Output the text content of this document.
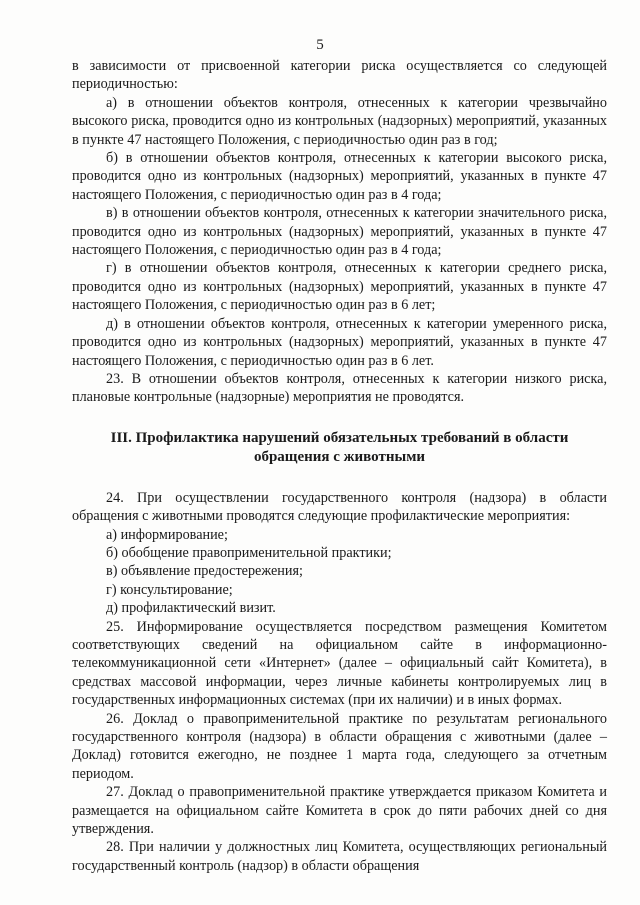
5

в зависимости от присвоенной категории риска осуществляется со следующей периодичностью:

а) в отношении объектов контроля, отнесенных к категории чрезвычайно высокого риска, проводится одно из контрольных (надзорных) мероприятий, указанных в пункте 47 настоящего Положения, с периодичностью один раз в год;

б) в отношении объектов контроля, отнесенных к категории высокого риска, проводится одно из контрольных (надзорных) мероприятий, указанных в пункте 47 настоящего Положения, с периодичностью один раз в 4 года;

в) в отношении объектов контроля, отнесенных к категории значительного риска, проводится одно из контрольных (надзорных) мероприятий, указанных в пункте 47 настоящего Положения, с периодичностью один раз в 4 года;

г) в отношении объектов контроля, отнесенных к категории среднего риска, проводится одно из контрольных (надзорных) мероприятий, указанных в пункте 47 настоящего Положения, с периодичностью один раз в 6 лет;

д) в отношении объектов контроля, отнесенных к категории умеренного риска, проводится одно из контрольных (надзорных) мероприятий, указанных в пункте 47 настоящего Положения, с периодичностью один раз в 6 лет.

23. В отношении объектов контроля, отнесенных к категории низкого риска, плановые контрольные (надзорные) мероприятия не проводятся.

III. Профилактика нарушений обязательных требований в области обращения с животными

24. При осуществлении государственного контроля (надзора) в области обращения с животными проводятся следующие профилактические мероприятия:

а) информирование;

б) обобщение правоприменительной практики;

в) объявление предостережения;

г) консультирование;

д) профилактический визит.

25. Информирование осуществляется посредством размещения Комитетом соответствующих сведений на официальном сайте в информационно-телекоммуникационной сети «Интернет» (далее – официальный сайт Комитета), в средствах массовой информации, через личные кабинеты контролируемых лиц в государственных информационных системах (при их наличии) и в иных формах.

26. Доклад о правоприменительной практике по результатам регионального государственного контроля (надзора) в области обращения с животными (далее – Доклад) готовится ежегодно, не позднее 1 марта года, следующего за отчетным периодом.

27. Доклад о правоприменительной практике утверждается приказом Комитета и размещается на официальном сайте Комитета в срок до пяти рабочих дней со дня утверждения.

28. При наличии у должностных лиц Комитета, осуществляющих региональный государственный контроль (надзор) в области обращения
